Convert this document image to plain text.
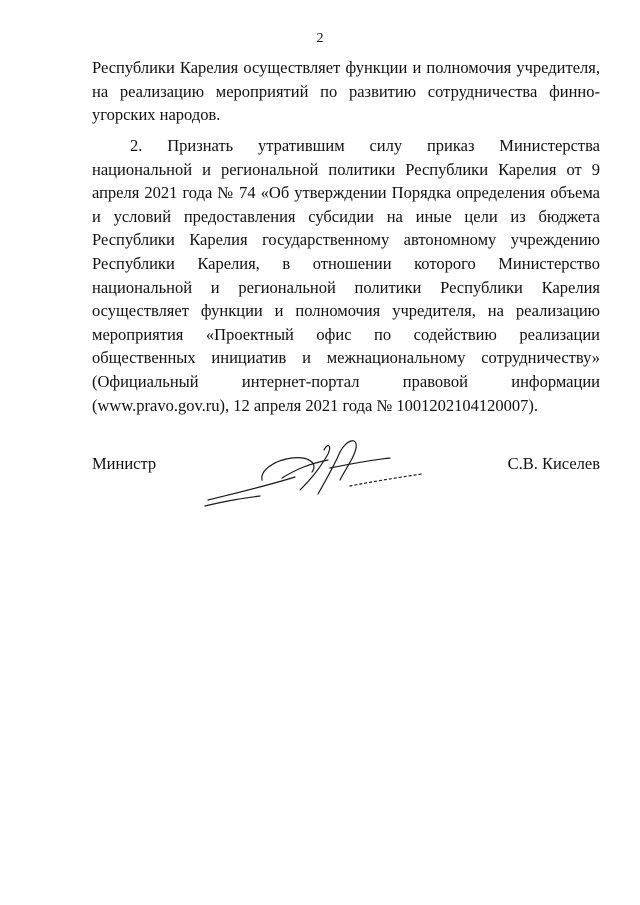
2
Республики Карелия осуществляет функции и полномочия учредителя, на реализацию мероприятий по развитию сотрудничества финно-угорских народов.
2. Признать утратившим силу приказ Министерства национальной и региональной политики Республики Карелия от 9 апреля 2021 года № 74 «Об утверждении Порядка определения объема и условий предоставления субсидии на иные цели из бюджета Республики Карелия государственному автономному учреждению Республики Карелия, в отношении которого Министерство национальной и региональной политики Республики Карелия осуществляет функции и полномочия учредителя, на реализацию мероприятия «Проектный офис по содействию реализации общественных инициатив и межнациональному сотрудничеству» (Официальный интернет-портал правовой информации (www.pravo.gov.ru), 12 апреля 2021 года № 1001202104120007).
Министр	С.В. Киселев
